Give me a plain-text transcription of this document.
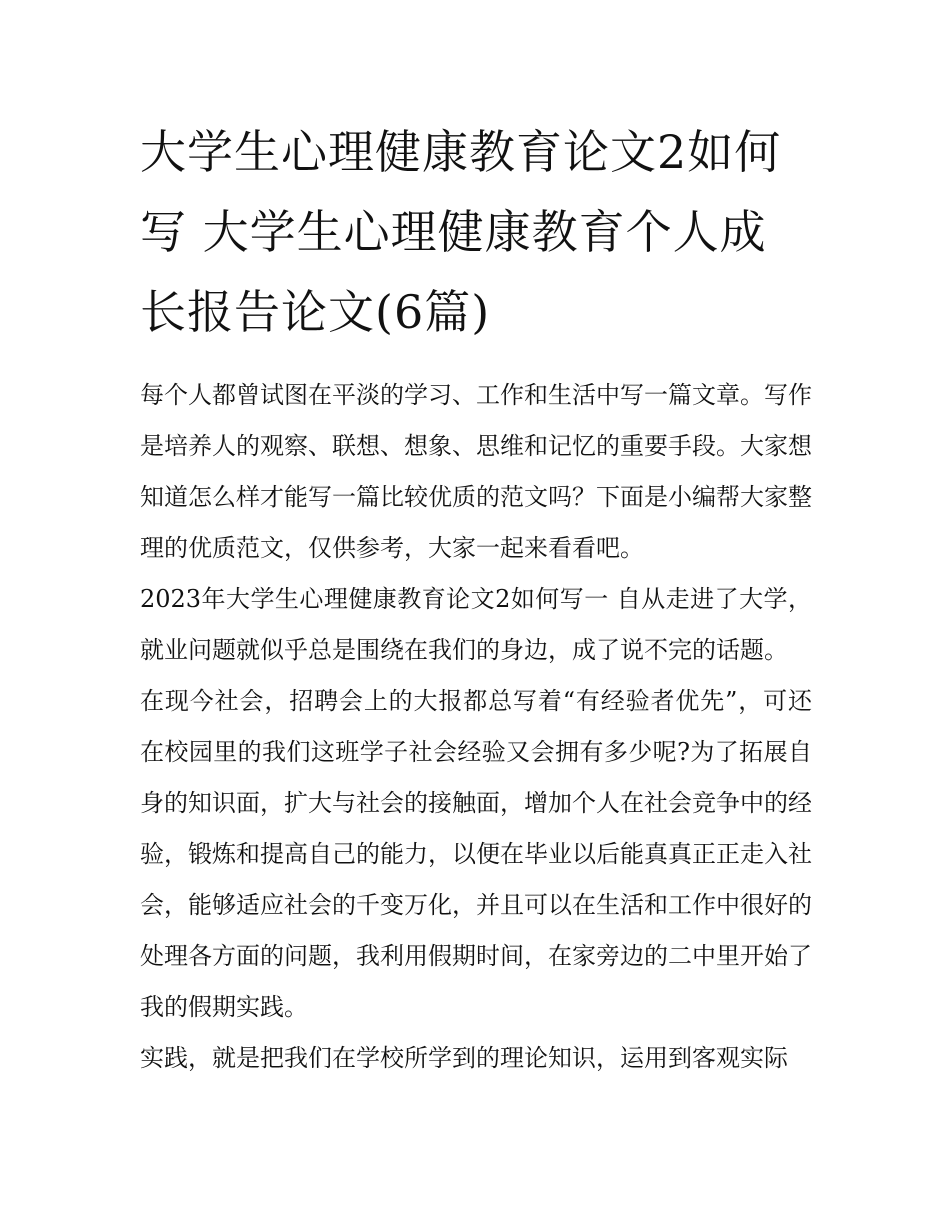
大学生心理健康教育论文2如何写 大学生心理健康教育个人成长报告论文(6篇)

每个人都曾试图在平淡的学习、工作和生活中写一篇文章。写作是培养人的观察、联想、想象、思维和记忆的重要手段。大家想知道怎么样才能写一篇比较优质的范文吗？下面是小编帮大家整理的优质范文，仅供参考，大家一起来看看吧。

2023年大学生心理健康教育论文2如何写一 自从走进了大学，就业问题就似乎总是围绕在我们的身边，成了说不完的话题。

在现今社会，招聘会上的大报都总写着“有经验者优先”，可还在校园里的我们这班学子社会经验又会拥有多少呢?为了拓展自身的知识面，扩大与社会的接触面，增加个人在社会竞争中的经验，锻炼和提高自己的能力，以便在毕业以后能真真正正走入社会，能够适应社会的千变万化，并且可以在生活和工作中很好的处理各方面的问题，我利用假期时间，在家旁边的二中里开始了我的假期实践。

实践，就是把我们在学校所学到的理论知识，运用到客观实际
